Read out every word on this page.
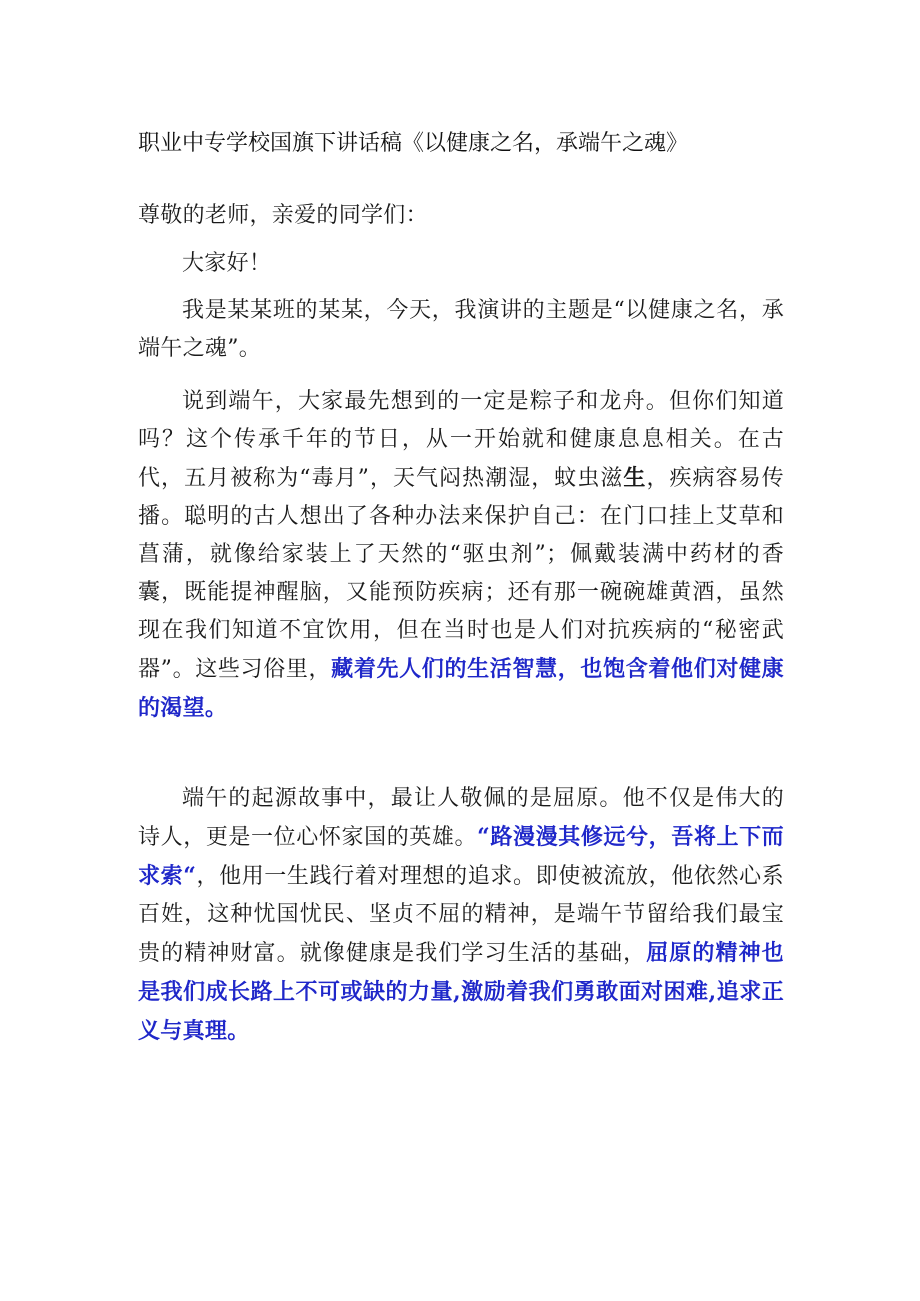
职业中专学校国旗下讲话稿《以健康之名，承端午之魂》
尊敬的老师，亲爱的同学们：
大家好！
我是某某班的某某，今天，我演讲的主题是“以健康之名，承端午之魂”。
说到端午，大家最先想到的一定是粽子和龙舟。但你们知道吗？这个传承千年的节日，从一开始就和健康息息相关。在古代，五月被称为“毒月”，天气闷热潮湿，蚊虫滋生，疾病容易传播。聪明的古人想出了各种办法来保护自己：在门口挂上艾草和菖蒲，就像给家装上了天然的“驱虫剂”；佩戴装满中药材的香囊，既能提神醒脑，又能预防疾病；还有那一碗碗雄黄酒，虽然现在我们知道不宜饮用，但在当时也是人们对抗疾病的“秘密武器”。这些习俗里，藏着先人们的生活智慧，也饱含着他们对健康的渴望。
端午的起源故事中，最让人敬佩的是屈原。他不仅是伟大的诗人，更是一位心怀家国的英雄。“路漫漫其修远兮，吾将上下而求索“，他用一生践行着对理想的追求。即使被流放，他依然心系百姓，这种忧国忧民、坚贞不屈的精神，是端午节留给我们最宝贵的精神财富。就像健康是我们学习生活的基础，屈原的精神也是我们成长路上不可或缺的力量,激励着我们勇敢面对困难,追求正义与真理。
